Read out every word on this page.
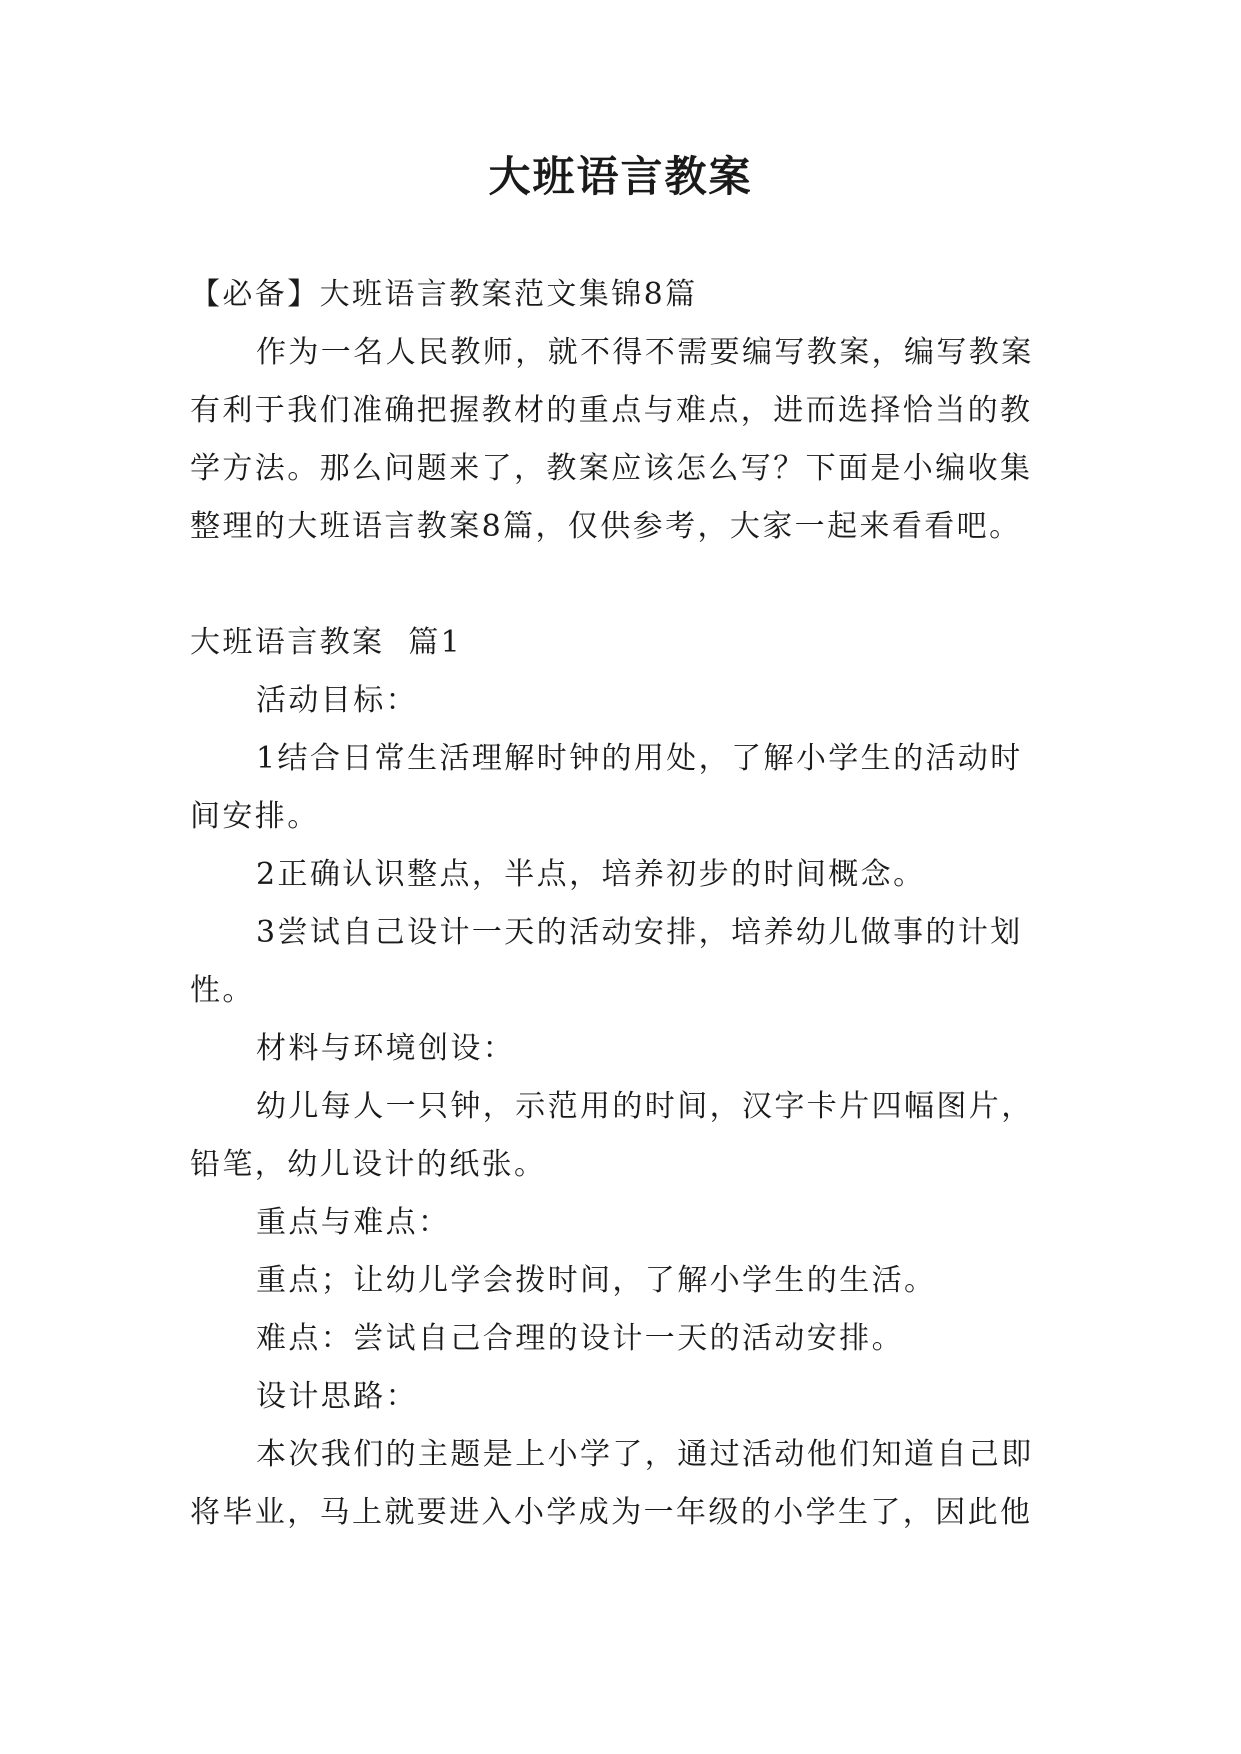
大班语言教案

【必备】大班语言教案范文集锦8篇

作为一名人民教师，就不得不需要编写教案，编写教案

有利于我们准确把握教材的重点与难点，进而选择恰当的教

学方法。那么问题来了，教案应该怎么写？下面是小编收集

整理的大班语言教案8篇，仅供参考，大家一起来看看吧。

大班语言教案  篇1

活动目标：

1结合日常生活理解时钟的用处，了解小学生的活动时

间安排。

2正确认识整点，半点，培养初步的时间概念。

3尝试自己设计一天的活动安排，培养幼儿做事的计划

性。

材料与环境创设：

幼儿每人一只钟，示范用的时间，汉字卡片四幅图片，

铅笔，幼儿设计的纸张。

重点与难点：

重点；让幼儿学会拨时间，了解小学生的生活。

难点：尝试自己合理的设计一天的活动安排。

设计思路：

本次我们的主题是上小学了，通过活动他们知道自己即

将毕业，马上就要进入小学成为一年级的小学生了，因此他
